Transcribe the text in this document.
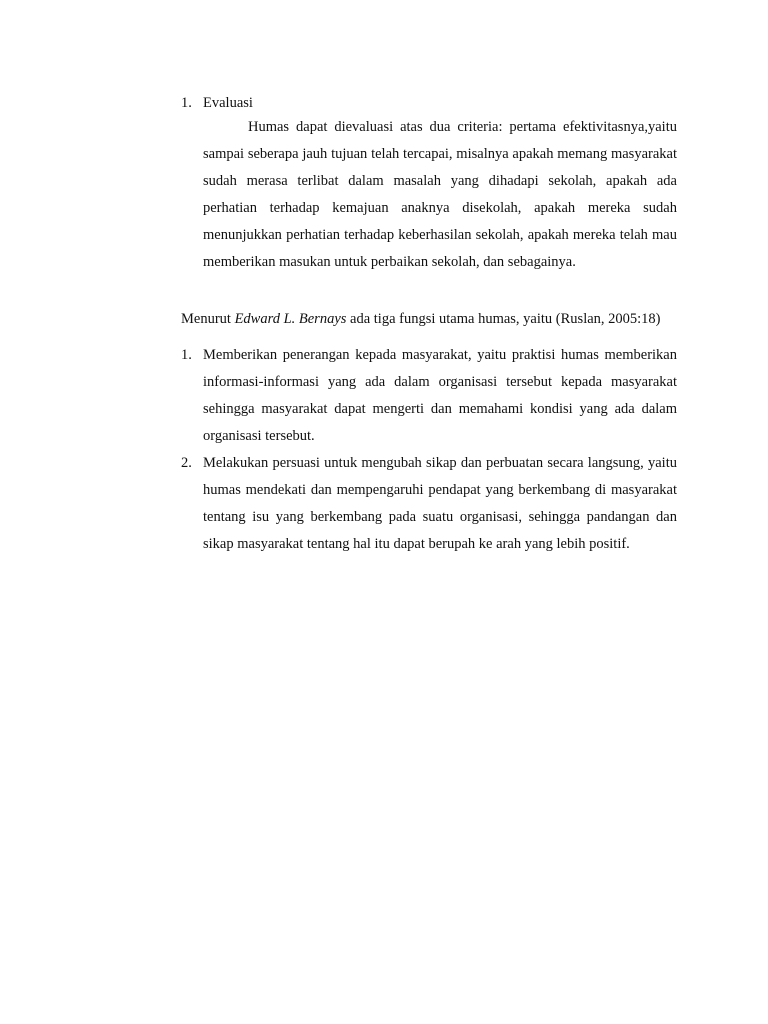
1. Evaluasi
Humas dapat dievaluasi atas dua criteria: pertama efektivitasnya,yaitu sampai seberapa jauh tujuan telah tercapai, misalnya apakah memang masyarakat sudah merasa terlibat dalam masalah yang dihadapi sekolah, apakah ada perhatian terhadap kemajuan anaknya disekolah, apakah mereka sudah menunjukkan perhatian terhadap keberhasilan sekolah, apakah mereka telah mau memberikan masukan untuk perbaikan sekolah, dan sebagainya.
Menurut Edward L. Bernays ada tiga fungsi utama humas, yaitu (Ruslan, 2005:18)
1. Memberikan penerangan kepada masyarakat, yaitu praktisi humas memberikan informasi-informasi yang ada dalam organisasi tersebut kepada masyarakat sehingga masyarakat dapat mengerti dan memahami kondisi yang ada dalam organisasi tersebut.
2. Melakukan persuasi untuk mengubah sikap dan perbuatan secara langsung, yaitu humas mendekati dan mempengaruhi pendapat yang berkembang di masyarakat tentang isu yang berkembang pada suatu organisasi, sehingga pandangan dan sikap masyarakat tentang hal itu dapat berupah ke arah yang lebih positif.
